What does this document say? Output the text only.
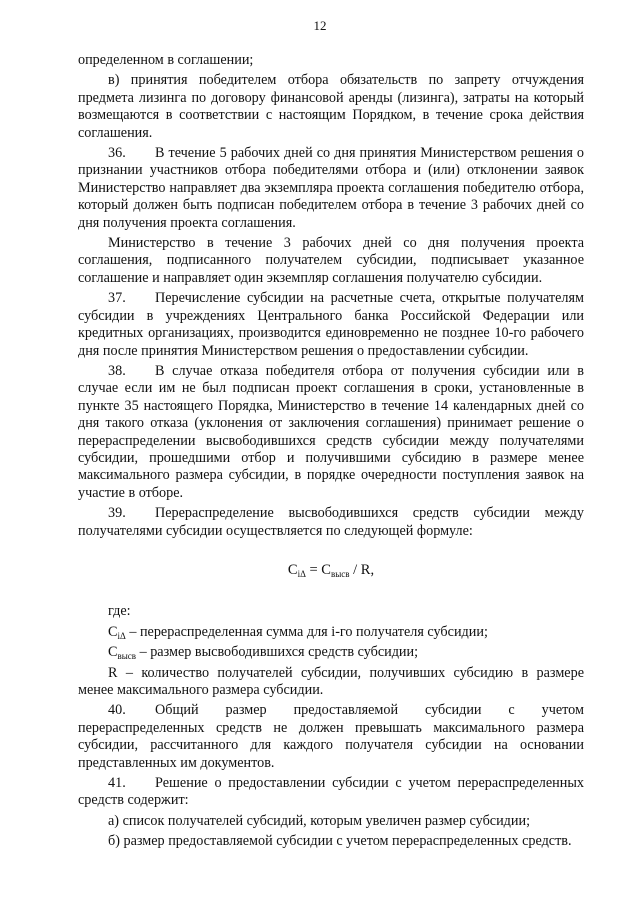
12

определенном в соглашении;

в) принятия победителем отбора обязательств по запрету отчуждения предмета лизинга по договору финансовой аренды (лизинга), затраты на который возмещаются в соответствии с настоящим Порядком, в течение срока действия соглашения.

36. В течение 5 рабочих дней со дня принятия Министерством решения о признании участников отбора победителями отбора и (или) отклонении заявок Министерство направляет два экземпляра проекта соглашения победителю отбора, который должен быть подписан победителем отбора в течение 3 рабочих дней со дня получения проекта соглашения.

Министерство в течение 3 рабочих дней со дня получения проекта соглашения, подписанного получателем субсидии, подписывает указанное соглашение и направляет один экземпляр соглашения получателю субсидии.

37. Перечисление субсидии на расчетные счета, открытые получателям субсидии в учреждениях Центрального банка Российской Федерации или кредитных организациях, производится единовременно не позднее 10-го рабочего дня после принятия Министерством решения о предоставлении субсидии.

38. В случае отказа победителя отбора от получения субсидии или в случае если им не был подписан проект соглашения в сроки, установленные в пункте 35 настоящего Порядка, Министерство в течение 14 календарных дней со дня такого отказа (уклонения от заключения соглашения) принимает решение о перераспределении высвободившихся средств субсидии между получателями субсидии, прошедшими отбор и получившими субсидию в размере менее максимального размера субсидии, в порядке очередности поступления заявок на участие в отборе.

39. Перераспределение высвободившихся средств субсидии между получателями субсидии осуществляется по следующей формуле:

$C_{i\Delta} = C_{высв} / R$,

где:

$C_{i\Delta}$ – перераспределенная сумма для i-го получателя субсидии;

$C_{высв}$ – размер высвободившихся средств субсидии;

R – количество получателей субсидии, получивших субсидию в размере менее максимального размера субсидии.

40. Общий размер предоставляемой субсидии с учетом перераспределенных средств не должен превышать максимального размера субсидии, рассчитанного для каждого получателя субсидии на основании представленных им документов.

41. Решение о предоставлении субсидии с учетом перераспределенных средств содержит:

а) список получателей субсидий, которым увеличен размер субсидии;

б) размер предоставляемой субсидии с учетом перераспределенных средств.
